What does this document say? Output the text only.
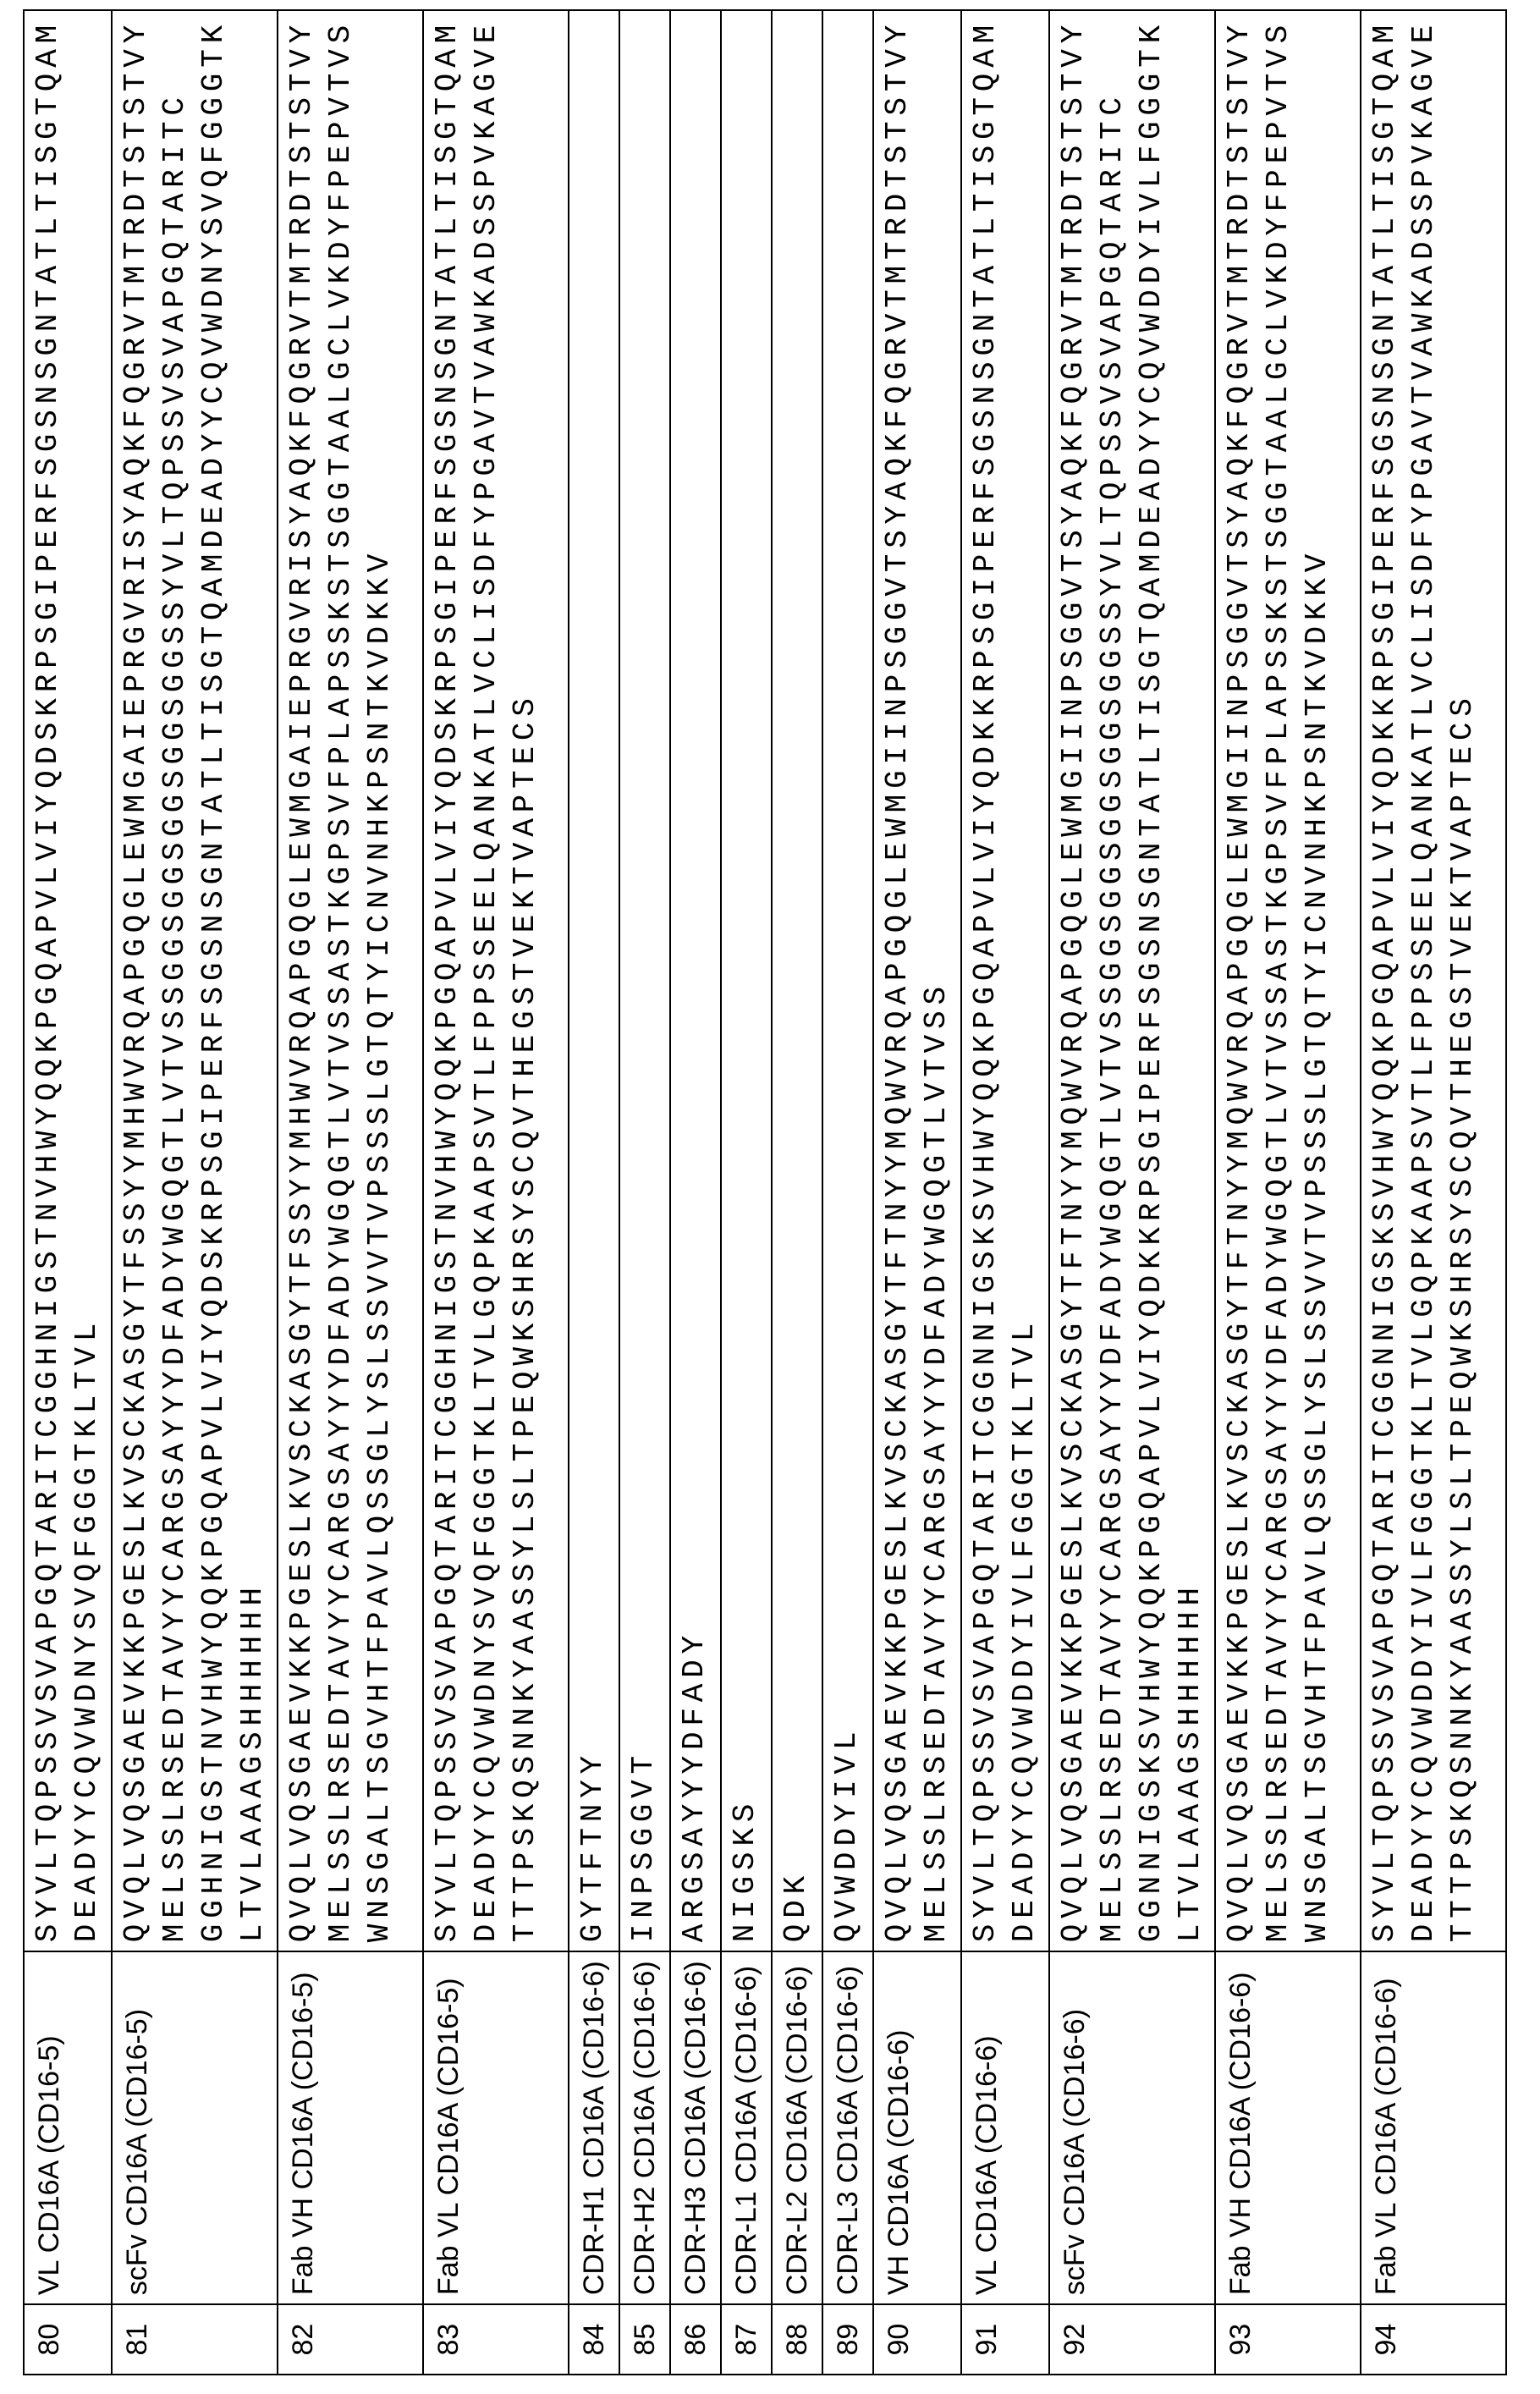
80	VL CD16A (CD16-5)	
SYVLTQPSSVSVAPGQTARITCGGHNIGSTNVHWYQQKPGQAPVLVIYQDSKRPSGIPERFSGSNSGNTATLTISGTQAM DEADYYCQVWDNYSVQFGGGTKLTVL

81	scFv CD16A (CD16-5)	
QVQLVQSGAEVKKPGESLKVSCKASGYTFSSYYMHWVRQAPGQGLEWMGAIEPRGVRISYAQKFQGRVTMTRDTSTSTVY MELSSLRSEDTAVYYCARGSAYYYDFADYWGQGTLVTVSSGGSGGSGGSGGSGGSSYVLTQPSSVSVAPGQTARITC GGHNIGSTNVHWYQQKPGQAPVLVIYQDSKRPSGIPERFSGSNSGNTATLTISGTQAMDEADYYCQVWDNYSVQFGGGTK LTVLAAAGSHHHHHH

82	Fab VH CD16A (CD16-5)	
QVQLVQSGAEVKKPGESLKVSCKASGYTFSSYYMHWVRQAPGQGLEWMGAIEPRGVRISYAQKFQGRVTMTRDTSTSTVY MELSSLRSEDTAVYYCARGSAYYYDFADYWGQGTLVTVSSASTKGPSVFPLAPSSKSTSGGTAALGCLVKDYFPEPVTVS WNSGALTSGVHTFPAVLQSSGLYSLSSVVTVPSSSLGTQTYICNVNHKPSNTKVDKKV

83	Fab VL CD16A (CD16-5)	
SYVLTQPSSVSVAPGQTARITCGGHNIGSTNVHWYQQKPGQAPVLVIYQDSKRPSGIPERFSGSNSGNTATLTISGTQAM DEADYYCQVWDNYSVQFGGGTKLTVLGQPKAAPSVTLFPPSSEELQANKATLVCLISDFYPGAVTVAWKADSSPVKAGVE TTTPSKQSNNKYAASSYLSLTPEQWKSHRSYSCQVTHEGSTVEKTVAPTECS

84	CDR-H1 CD16A (CD16-6)	
GYTFTNYY

85	CDR-H2 CD16A (CD16-6)	
INPSGGVT

86	CDR-H3 CD16A (CD16-6)	
ARGSAYYYDFADY

87	CDR-L1 CD16A (CD16-6)	
NIGSKS

88	CDR-L2 CD16A (CD16-6)	
QDK

89	CDR-L3 CD16A (CD16-6)	
QVWDDYIVL

90	VH CD16A (CD16-6)	
QVQLVQSGAEVKKPGESLKVSCKASGYTFTNYYMQWVRQAPGQGLEWMGIINPSGGVTSYAQKFQGRVTMTRDTSTSTVY MELSSLRSEDTAVYYCARGSAYYYDFADYWGQGTLVTVSS

91	VL CD16A (CD16-6)	
SYVLTQPSSVSVAPGQTARITCGGNNIGSKSVHWYQQKPGQAPVLVIYQDKKRPSGIPERFSGSNSGNTATLTISGTQAM DEADYYCQVWDDYIVLFGGGTKLTVL

92	scFv CD16A (CD16-6)	
QVQLVQSGAEVKKPGESLKVSCKASGYTFTNYYMQWVRQAPGQGLEWMGIINPSGGVTSYAQKFQGRVTMTRDTSTSTVY MELSSLRSEDTAVYYCARGSAYYYDFADYWGQGTLVTVSSGGSGGSGGSGGSGGSSYVLTQPSSVSVAPGQTARITC GGNNIGSKSVHWYQQKPGQAPVLVIYQDKKRPSGIPERFSGSNSGNTATLTISGTQAMDEADYYCQVWDDYIVLFGGGTK LTVLAAAGSHHHHHH

93	Fab VH CD16A (CD16-6)	
QVQLVQSGAEVKKPGESLKVSCKASGYTFTNYYMQWVRQAPGQGLEWMGIINPSGGVTSYAQKFQGRVTMTRDTSTSTVY MELSSLRSEDTAVYYCARGSAYYYDFADYWGQGTLVTVSSASTKGPSVFPLAPSSKSTSGGTAALGCLVKDYFPEPVTVS WNSGALTSGVHTFPAVLQSSGLYSLSSVVTVPSSSLGTQTYICNVNHKPSNTKVDKKV

94	Fab VL CD16A (CD16-6)	
SYVLTQPSSVSVAPGQTARITCGGNNIGSKSVHWYQQKPGQAPVLVIYQDKKRPSGIPERFSGSNSGNTATLTISGTQAM DEADYYCQVWDDYIVLFGGGTKLTVLGQPKAAPSVTLFPPSSEELQANKATLVCLISDFYPGAVTVAWKADSSPVKAGVE TTTPSKQSNNKYAASSYLSLTPEQWKSHRSYSCQVTHEGSTVEKTVAPTECS
